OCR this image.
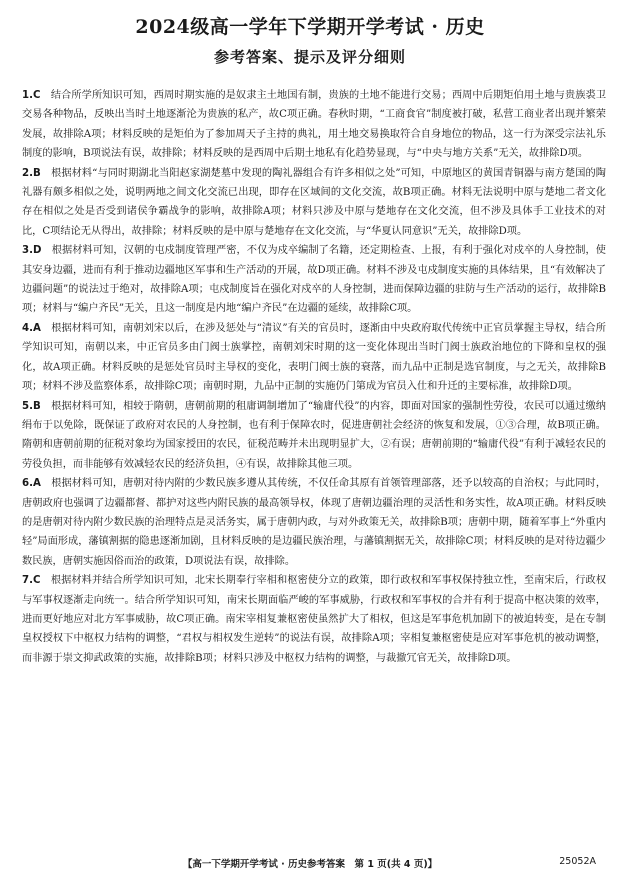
2024级高一学年下学期开学考试 · 历史
参考答案、提示及评分细则

1.C　 结合所学所知识可知，西周时期实施的是奴隶主土地国有制，贵族的土地不能进行交易；西周中后期矩伯用土地与贵族裘卫交易各种物品，反映出当时土地逐渐沦为贵族的私产，故C项正确。春秋时期，“工商食官”制度被打破，私营工商业者出现并繁荣发展，故排除A项；材料反映的是矩伯为了参加周天子主持的典礼，用土地交易换取符合自身地位的物品，这一行为深受宗法礼乐制度的影响，B项说法有误，故排除；材料反映的是西周中后期土地私有化趋势显现，与“中央与地方关系”无关，故排除D项。

2.B　 根据材料“与同时期湖北当阳赵家湖楚墓中发现的陶礼器组合有许多相似之处”可知，中原地区的黄国青铜器与南方楚国的陶礼器有颇多相似之处，说明两地之间文化交流已出现，即存在区域间的文化交流，故B项正确。材料无法说明中原与楚地二者文化存在相似之处是否受到诸侯争霸战争的影响，故排除A项；材料只涉及中原与楚地存在文化交流，但不涉及具体手工业技术的对比，C项结论无从得出，故排除；材料反映的是中原与楚地存在文化交流，与“华夏认同意识”无关，故排除D项。

3.D　 根据材料可知，汉朝的屯戍制度管理严密，不仅为戍卒编制了名籍，还定期检查、上报，有利于强化对戍卒的人身控制，使其安身边疆，进而有利于推动边疆地区军事和生产活动的开展，故D项正确。材料不涉及屯戍制度实施的具体结果，且“有效解决了边疆问题”的说法过于绝对，故排除A项；屯戍制度旨在强化对戍卒的人身控制，进而保障边疆的驻防与生产活动的运行，故排除B项；材料与“编户齐民”无关，且这一制度是内地“编户齐民”在边疆的延续，故排除C项。

4.A　 根据材料可知，南朝刘宋以后，在涉及惩处与“清议”有关的官员时，逐渐由中央政府取代传统中正官员掌握主导权，结合所学知识可知，南朝以来，中正官员多由门阀士族掌控，南朝刘宋时期的这一变化体现出当时门阀士族政治地位的下降和皇权的强化，故A项正确。材料反映的是惩处官员时主导权的变化，表明门阀士族的衰落，而九品中正制是选官制度，与之无关，故排除B项；材料不涉及监察体系，故排除C项；南朝时期，九品中正制的实施仍门第成为官员入仕和升迁的主要标准，故排除D项。

5.B　 根据材料可知，相较于隋朝，唐朝前期的租庸调制增加了“输庸代役”的内容，即面对国家的强制性劳役，农民可以通过缴纳绢布于以免除，既保证了政府对农民的人身控制，也有利于保障农时，促进唐朝社会经济的恢复和发展，①③合理，故B项正确。隋朝和唐朝前期的征税对象均为国家授田的农民，征税范畴并未出现明显扩大，②有误；唐朝前期的“输庸代役”有利于减轻农民的劳役负担，而非能够有效减轻农民的经济负担，④有误，故排除其他三项。

6.A　 根据材料可知，唐朝对待内附的少数民族多遵从其传统，不仅任命其原有首领管理部落，还予以较高的自治权；与此同时，唐朝政府也强调了边疆都督、都护对这些内附民族的最高领导权，体现了唐朝边疆治理的灵活性和务实性，故A项正确。材料反映的是唐朝对待内附少数民族的治理特点是灵活务实，属于唐朝内政，与对外政策无关，故排除B项；唐朝中期，随着军事上“外重内轻”局面形成，藩镇割据的隐患逐渐加剧，且材料反映的是边疆民族治理，与藩镇割据无关，故排除C项；材料反映的是对待边疆少数民族，唐朝实施因俗而治的政策，D项说法有误，故排除。

7.C　 根据材料并结合所学知识可知，北宋长期奉行宰相和枢密使分立的政策，即行政权和军事权保持独立性，至南宋后，行政权与军事权逐渐走向统一。结合所学知识可知，南宋长期面临严峻的军事威胁，行政权和军事权的合并有利于提高中枢决策的效率，进而更好地应对北方军事威胁，故C项正确。南宋宰相复兼枢密使虽然扩大了相权，但这是军事危机加剧下的被迫转变，是在专制皇权授权下中枢权力结构的调整，“君权与相权发生逆转”的说法有误，故排除A项；宰相复兼枢密使是应对军事危机的被动调整，而非源于崇文抑武政策的实施，故排除B项；材料只涉及中枢权力结构的调整，与裁撤冗官无关，故排除D项。

【高一下学期开学考试 · 历史参考答案　第 1 页(共 4 页)】	25052A
